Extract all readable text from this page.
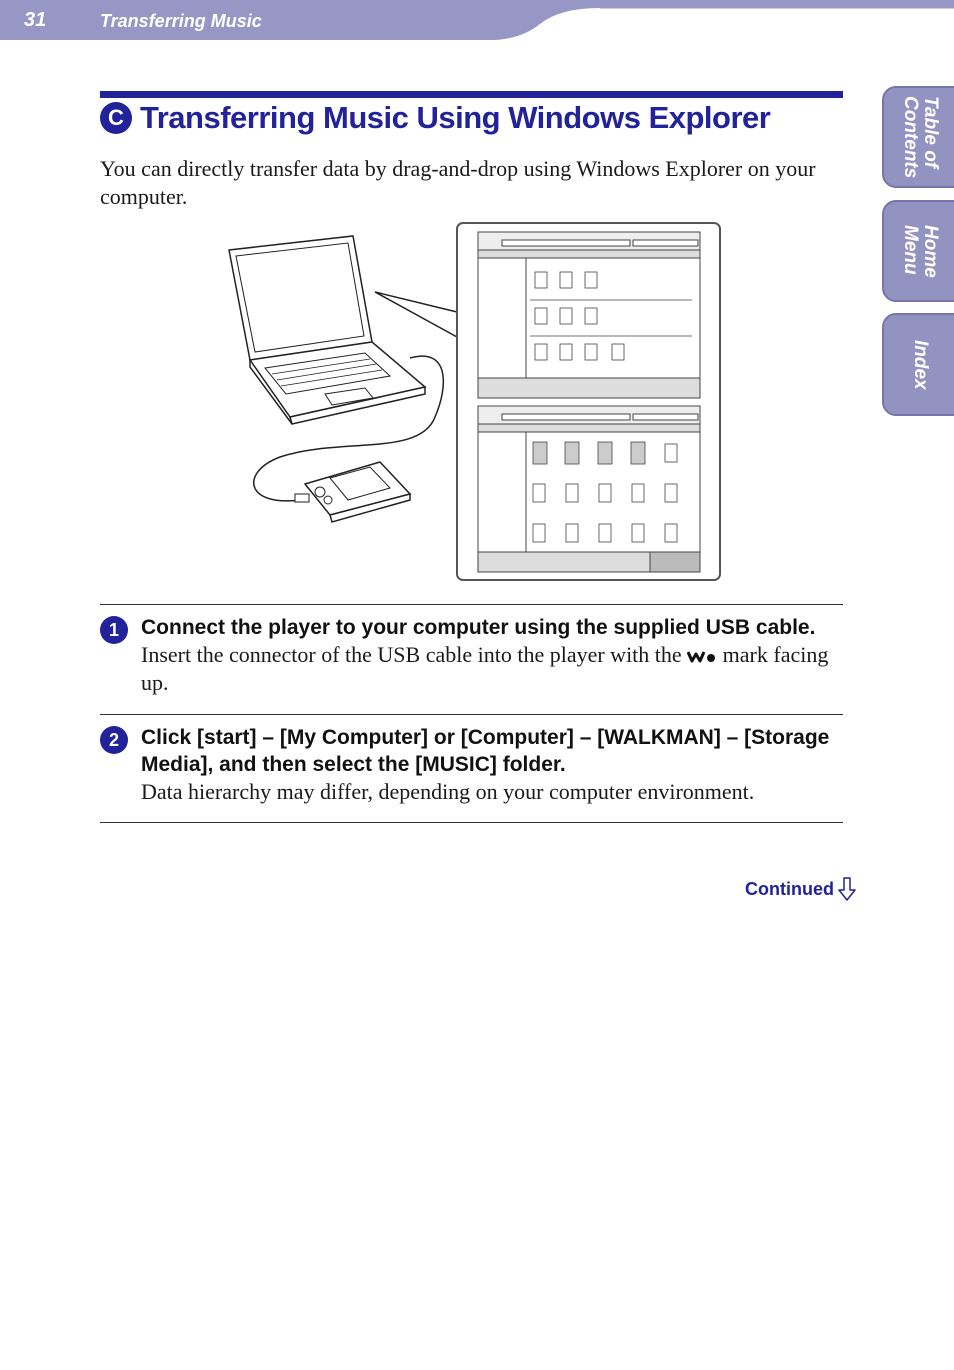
31	Transferring Music
Table of
Contents
Home
Menu
Index
C Transferring Music Using Windows Explorer
You can directly transfer data by drag-and-drop using Windows Explorer on your computer.
1	Connect the player to your computer using the supplied USB cable.
Insert the connector of the USB cable into the player with the  mark facing up.
2	Click [start] – [My Computer] or [Computer] – [WALKMAN] – [Storage Media], and then select the [MUSIC] folder.
Data hierarchy may differ, depending on your computer environment.
Continued
